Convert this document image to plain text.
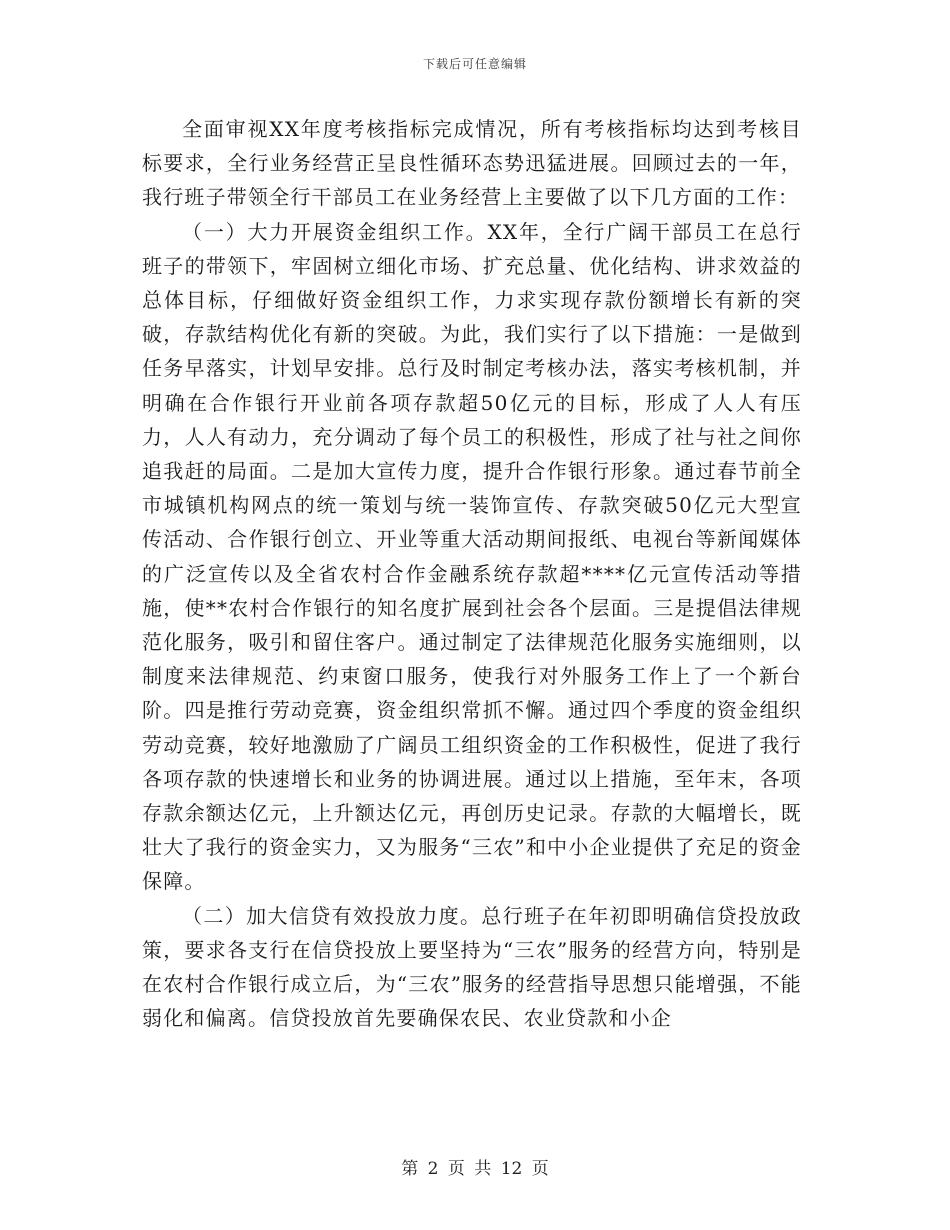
下载后可任意编辑

全面审视XX年度考核指标完成情况，所有考核指标均达到考核目标要求，全行业务经营正呈良性循环态势迅猛进展。回顾过去的一年，我行班子带领全行干部员工在业务经营上主要做了以下几方面的工作：

（一）大力开展资金组织工作。XX年，全行广阔干部员工在总行班子的带领下，牢固树立细化市场、扩充总量、优化结构、讲求效益的总体目标，仔细做好资金组织工作，力求实现存款份额增长有新的突破，存款结构优化有新的突破。为此，我们实行了以下措施：一是做到任务早落实，计划早安排。总行及时制定考核办法，落实考核机制，并明确在合作银行开业前各项存款超50亿元的目标，形成了人人有压力，人人有动力，充分调动了每个员工的积极性，形成了社与社之间你追我赶的局面。二是加大宣传力度，提升合作银行形象。通过春节前全市城镇机构网点的统一策划与统一装饰宣传、存款突破50亿元大型宣传活动、合作银行创立、开业等重大活动期间报纸、电视台等新闻媒体的广泛宣传以及全省农村合作金融系统存款超****亿元宣传活动等措施，使**农村合作银行的知名度扩展到社会各个层面。三是提倡法律规范化服务，吸引和留住客户。通过制定了法律规范化服务实施细则，以制度来法律规范、约束窗口服务，使我行对外服务工作上了一个新台阶。四是推行劳动竞赛，资金组织常抓不懈。通过四个季度的资金组织劳动竞赛，较好地激励了广阔员工组织资金的工作积极性，促进了我行各项存款的快速增长和业务的协调进展。通过以上措施，至年末，各项存款余额达亿元，上升额达亿元，再创历史记录。存款的大幅增长，既壮大了我行的资金实力，又为服务“三农”和中小企业提供了充足的资金保障。

（二）加大信贷有效投放力度。总行班子在年初即明确信贷投放政策，要求各支行在信贷投放上要坚持为“三农”服务的经营方向，特别是在农村合作银行成立后，为“三农”服务的经营指导思想只能增强，不能弱化和偏离。信贷投放首先要确保农民、农业贷款和小企

第 2 页 共 12 页
